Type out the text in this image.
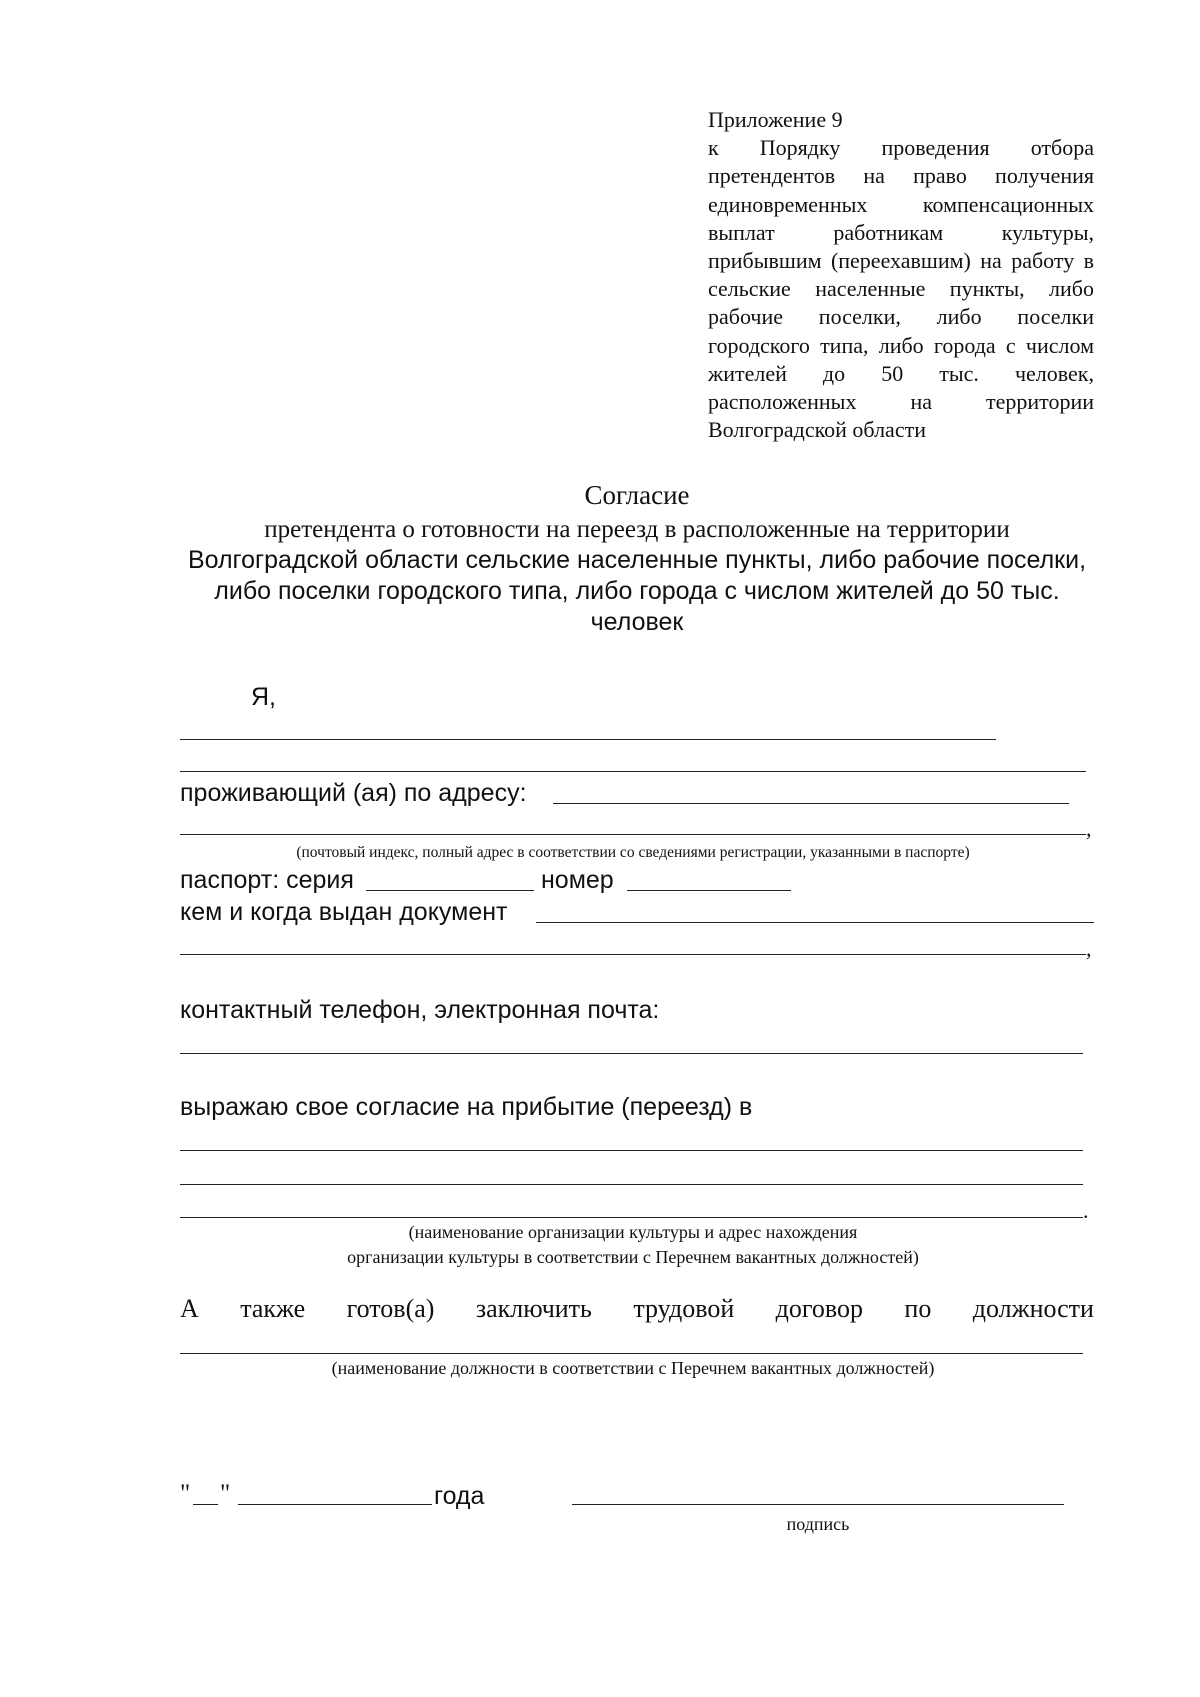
Приложение 9
к Порядку проведения отбора претендентов на право получения единовременных компенсационных выплат работникам культуры, прибывшим (переехавшим) на работу в сельские населенные пункты, либо рабочие поселки, либо поселки городского типа, либо города с числом жителей до 50 тыс. человек, расположенных на территории Волгоградской области
Согласие
претендента о готовности на переезд в расположенные на территории
Волгоградской области сельские населенные пункты, либо рабочие поселки,
либо поселки городского типа, либо города с числом жителей до 50 тыс.
человек
Я,
проживающий (ая) по адресу:
,
(почтовый индекс, полный адрес в соответствии со сведениями регистрации, указанными в паспорте)
паспорт: серия	номер
кем и когда выдан документ
,
контактный телефон, электронная почта:
выражаю свое согласие на прибытие (переезд) в
.
(наименование организации культуры и адрес нахождения
организации культуры в соответствии с Перечнем вакантных должностей)
А также готов(а) заключить трудовой договор по должности
(наименование должности в соответствии с Перечнем вакантных должностей)
" "	года
подпись
